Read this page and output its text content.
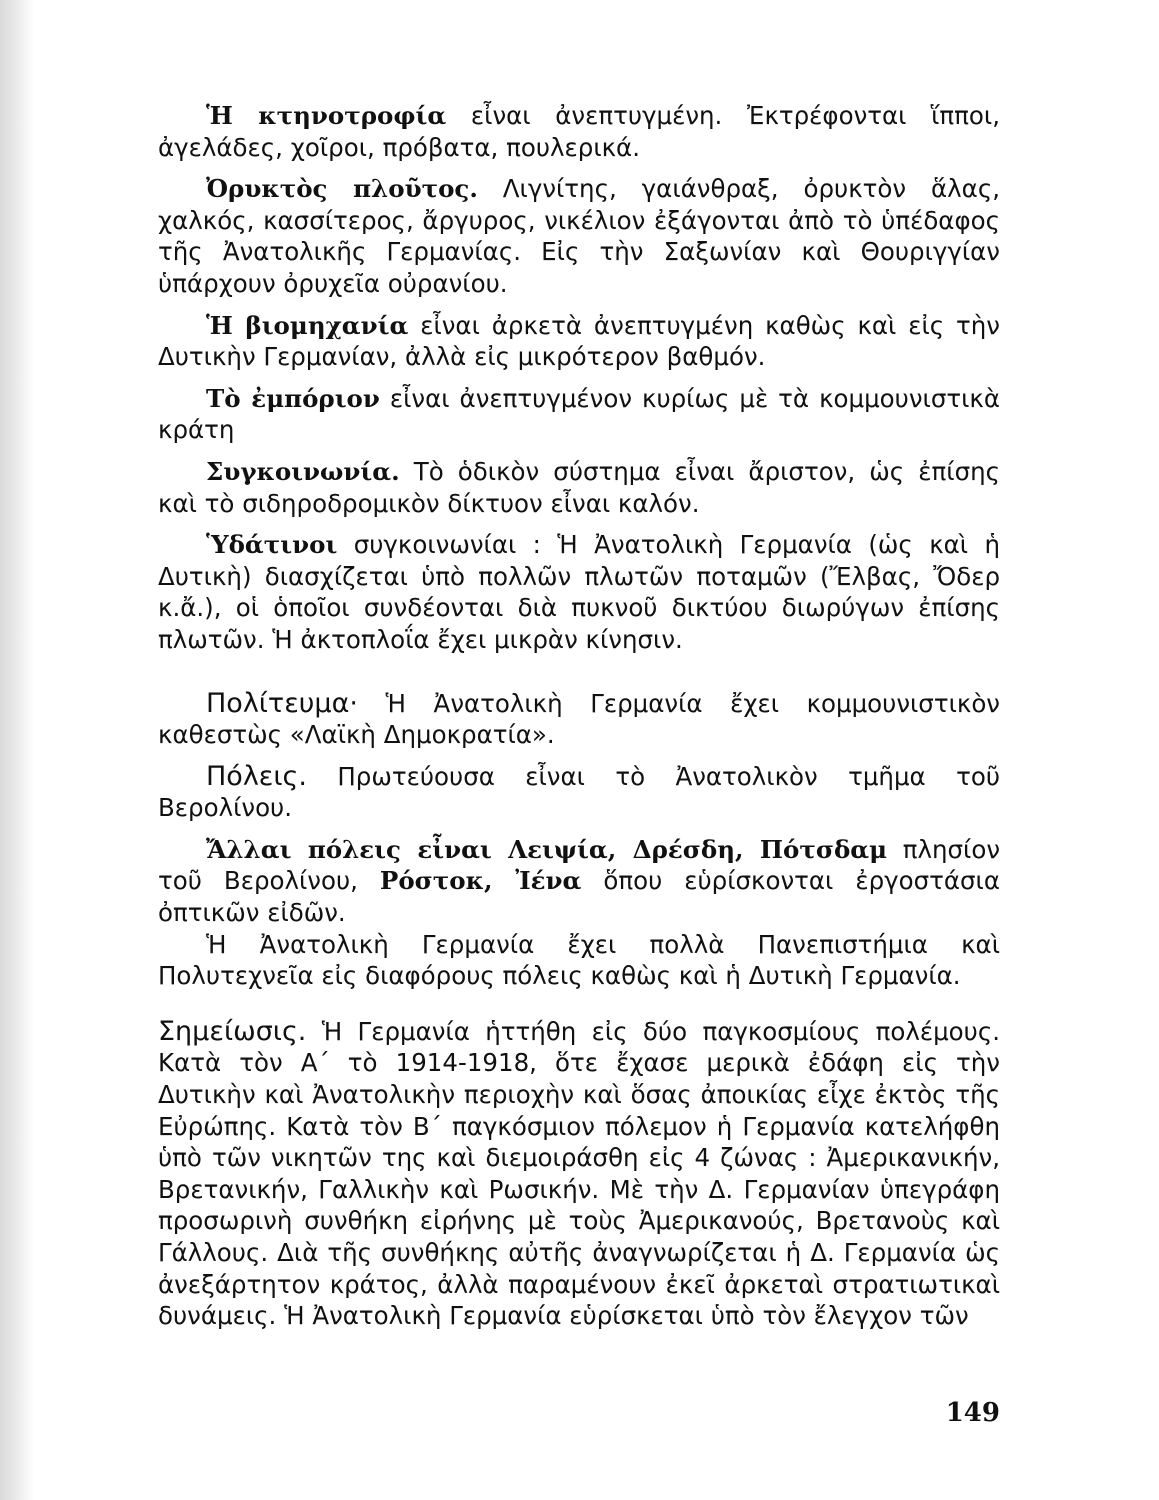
Ἡ κτηνοτροφία εἶναι ἀνεπτυγμένη. Ἐκτρέφονται ἵπποι, ἀγελάδες, χοῖροι, πρόβατα, πουλερικά.

Ὀρυκτὸς πλοῦτος. Λιγνίτης, γαιάνθραξ, ὀρυκτὸν ἅλας, χαλκός, κασσίτερος, ἄργυρος, νικέλιον ἐξάγονται ἀπὸ τὸ ὑπέδαφος τῆς Ἀνατολικῆς Γερμανίας. Εἰς τὴν Σαξωνίαν καὶ Θουριγγίαν ὑπάρχουν ὀρυχεῖα οὐρανίου.

Ἡ βιομηχανία εἶναι ἀρκετὰ ἀνεπτυγμένη καθὼς καὶ εἰς τὴν Δυτικὴν Γερμανίαν, ἀλλὰ εἰς μικρότερον βαθμόν.

Τὸ ἐμπόριον εἶναι ἀνεπτυγμένον κυρίως μὲ τὰ κομμουνιστικὰ κράτη

Συγκοινωνία. Τὸ ὁδικὸν σύστημα εἶναι ἄριστον, ὡς ἐπίσης καὶ τὸ σιδηροδρομικὸν δίκτυον εἶναι καλόν.

Ὑδάτινοι συγκοινωνίαι : Ἡ Ἀνατολικὴ Γερμανία (ὡς καὶ ἡ Δυτικὴ) διασχίζεται ὑπὸ πολλῶν πλωτῶν ποταμῶν (Ἔλβας, Ὄδερ κ.ἄ.), οἱ ὁποῖοι συνδέονται διὰ πυκνοῦ δικτύου διωρύγων ἐπίσης πλωτῶν. Ἡ ἀκτοπλοΐα ἔχει μικρὰν κίνησιν.

Πολίτευμα· Ἡ Ἀνατολικὴ Γερμανία ἔχει κομμουνιστικὸν καθεστὼς «Λαϊκὴ Δημοκρατία».

Πόλεις. Πρωτεύουσα εἶναι τὸ Ἀνατολικὸν τμῆμα τοῦ Βερολίνου.

Ἄλλαι πόλεις εἶναι Λειψία, Δρέσδη, Πότσδαμ πλησίον τοῦ Βερολίνου, Ρόστοκ, Ἰένα ὅπου εὑρίσκονται ἐργοστάσια ὀπτικῶν εἰδῶν.

Ἡ Ἀνατολικὴ Γερμανία ἔχει πολλὰ Πανεπιστήμια καὶ Πολυτεχνεῖα εἰς διαφόρους πόλεις καθὼς καὶ ἡ Δυτικὴ Γερμανία.

Σημείωσις. Ἡ Γερμανία ἡττήθη εἰς δύο παγκοσμίους πολέμους. Κατὰ τὸν Α΄ τὸ 1914-1918, ὅτε ἔχασε μερικὰ ἐδάφη εἰς τὴν Δυτικὴν καὶ Ἀνατολικὴν περιοχὴν καὶ ὅσας ἀποικίας εἶχε ἐκτὸς τῆς Εὐρώπης. Κατὰ τὸν Β΄ παγκόσμιον πόλεμον ἡ Γερμανία κατελήφθη ὑπὸ τῶν νικητῶν της καὶ διεμοιράσθη εἰς 4 ζώνας : Ἀμερικανικήν, Βρετανικήν, Γαλλικὴν καὶ Ρωσικήν. Μὲ τὴν Δ. Γερμανίαν ὑπεγράφη προσωρινὴ συνθήκη εἰρήνης μὲ τοὺς Ἀμερικανούς, Βρετανοὺς καὶ Γάλλους. Διὰ τῆς συνθήκης αὐτῆς ἀναγνωρίζεται ἡ Δ. Γερμανία ὡς ἀνεξάρτητον κράτος, ἀλλὰ παραμένουν ἐκεῖ ἀρκεταὶ στρατιωτικαὶ δυνάμεις. Ἡ Ἀνατολικὴ Γερμανία εὑρίσκεται ὑπὸ τὸν ἔλεγχον τῶν

149
